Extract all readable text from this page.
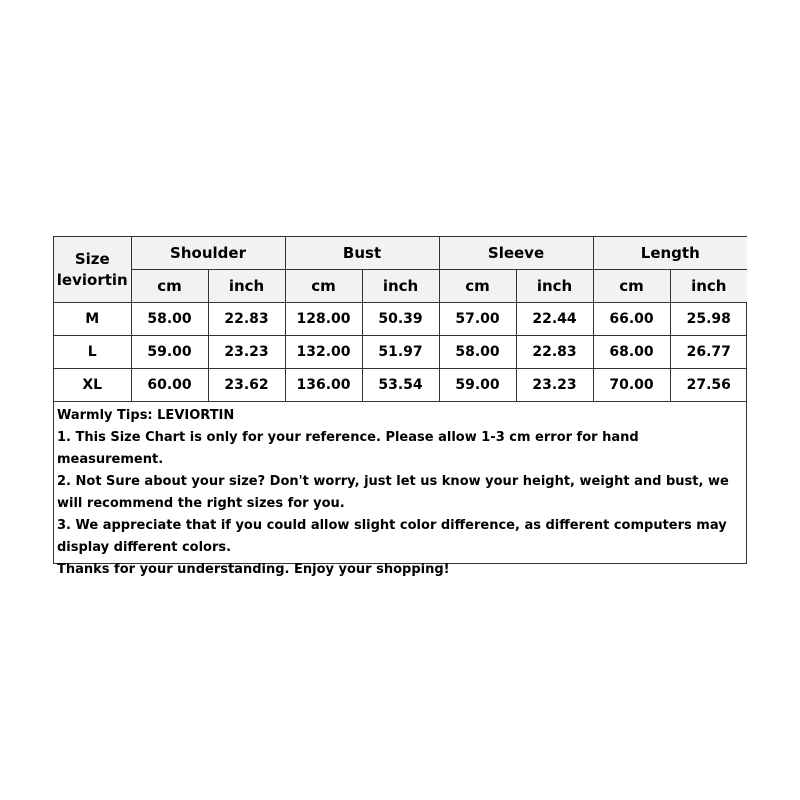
Size
leviortin	Shoulder		Bust		Sleeve		Length	
	cm	inch	cm	inch	cm	inch	cm	inch
M	58.00	22.83	128.00	50.39	57.00	22.44	66.00	25.98
L	59.00	23.23	132.00	51.97	58.00	22.83	68.00	26.77
XL	60.00	23.62	136.00	53.54	59.00	23.23	70.00	27.56

Warmly Tips: LEVIORTIN

1. This Size Chart is only for your reference. Please allow 1-3 cm error for hand measurement.

2. Not Sure about your size? Don't worry, just let us know your height, weight and bust, we will recommend the right sizes for you.

3. We appreciate that if you could allow slight color difference, as different computers may display different colors.

Thanks for your understanding. Enjoy your shopping!
